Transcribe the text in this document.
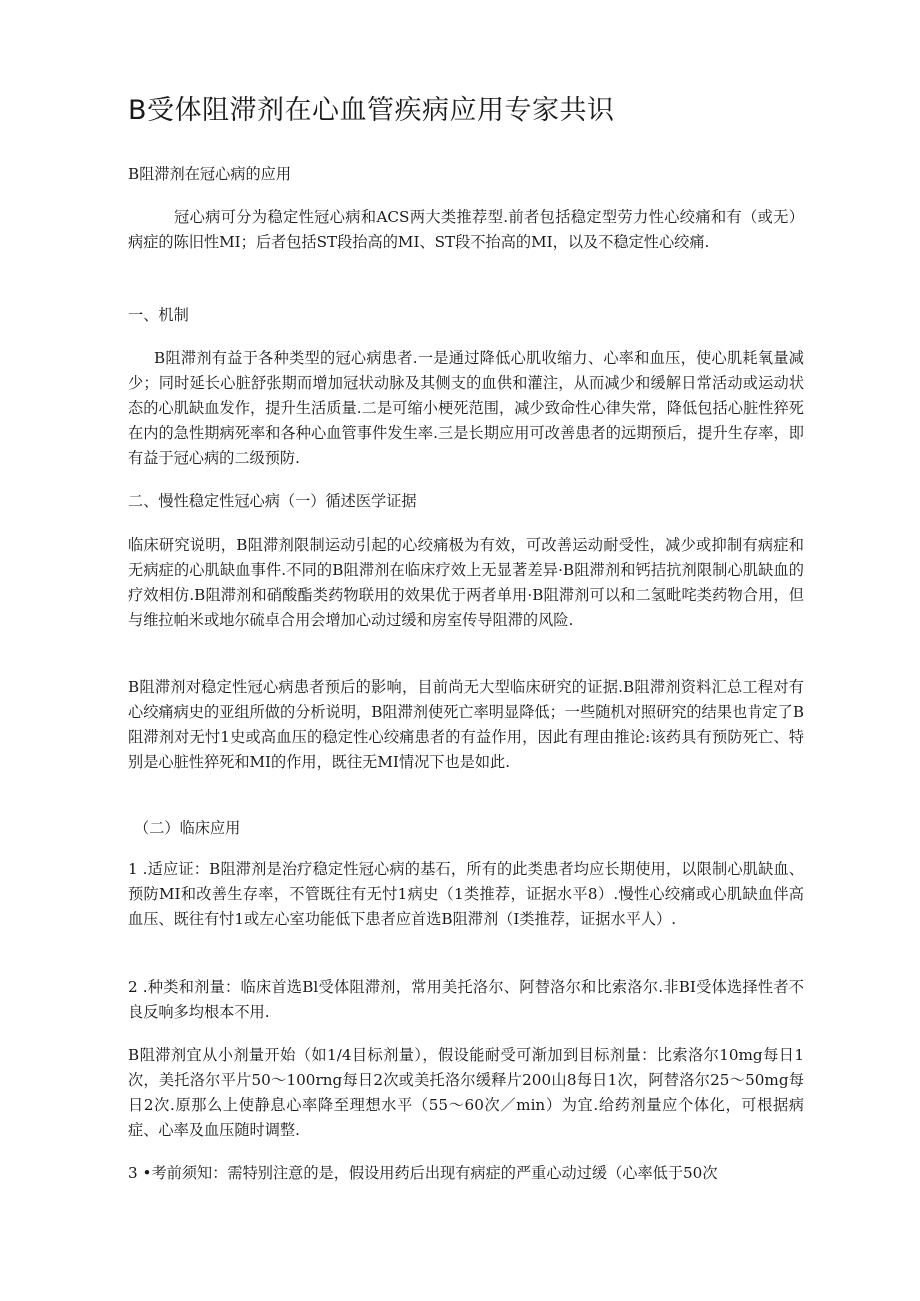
B受体阻滞剂在心血管疾病应用专家共识

B阻滞剂在冠心病的应用

冠心病可分为稳定性冠心病和ACS两大类推荐型.前者包括稳定型劳力性心绞痛和有（或无）病症的陈旧性MI；后者包括ST段抬高的MI、ST段不抬高的MI，以及不稳定性心绞痛.

一、机制

B阻滞剂有益于各种类型的冠心病患者.一是通过降低心肌收缩力、心率和血压，使心肌耗氧量减少；同时延长心脏舒张期而增加冠状动脉及其侧支的血供和灌注，从而减少和缓解日常活动或运动状态的心肌缺血发作，提升生活质量.二是可缩小梗死范围，减少致命性心律失常，降低包括心脏性猝死在内的急性期病死率和各种心血管事件发生率.三是长期应用可改善患者的远期预后，提升生存率，即有益于冠心病的二级预防.

二、慢性稳定性冠心病（一）循述医学证据

临床研究说明，B阻滞剂限制运动引起的心绞痛极为有效，可改善运动耐受性，减少或抑制有病症和无病症的心肌缺血事件.不同的B阻滞剂在临床疗效上无显著差异·B阻滞剂和钙拮抗剂限制心肌缺血的疗效相仿.B阻滞剂和硝酸酯类药物联用的效果优于两者单用·B阻滞剂可以和二氢毗咤类药物合用，但与维拉帕米或地尔硫卓合用会增加心动过缓和房室传导阻滞的风险.

B阻滞剂对稳定性冠心病患者预后的影响，目前尚无大型临床研究的证据.B阻滞剂资料汇总工程对有心绞痛病史的亚组所做的分析说明，B阻滞剂使死亡率明显降低；一些随机对照研究的结果也肯定了B阻滞剂对无忖1史或高血压的稳定性心绞痛患者的有益作用，因此有理由推论:该药具有预防死亡、特别是心脏性猝死和MI的作用，既往无MI情况下也是如此.

（二）临床应用

1 .适应证：B阻滞剂是治疗稳定性冠心病的基石，所有的此类患者均应长期使用，以限制心肌缺血、预防MI和改善生存率，不管既往有无忖1病史（1类推荐，证据水平8）.慢性心绞痛或心肌缺血伴高血压、既往有忖1或左心室功能低下患者应首选B阻滞剂（I类推荐，证据水平人）.

2 .种类和剂量：临床首选Bl受体阻滞剂，常用美托洛尔、阿替洛尔和比索洛尔.非BI受体选择性者不良反响多均根本不用.

B阻滞剂宜从小剂量开始（如1/4目标剂量），假设能耐受可渐加到目标剂量：比索洛尔10mg每日1次，美托洛尔平片50～100rng每日2次或美托洛尔缓释片200山8每日1次，阿替洛尔25～50mg每日2次.原那么上使静息心率降至理想水平（55～60次／min）为宜.给药剂量应个体化，可根据病症、心率及血压随时调整.

3 •考前须知：需特别注意的是，假设用药后出现有病症的严重心动过缓（心率低于50次
